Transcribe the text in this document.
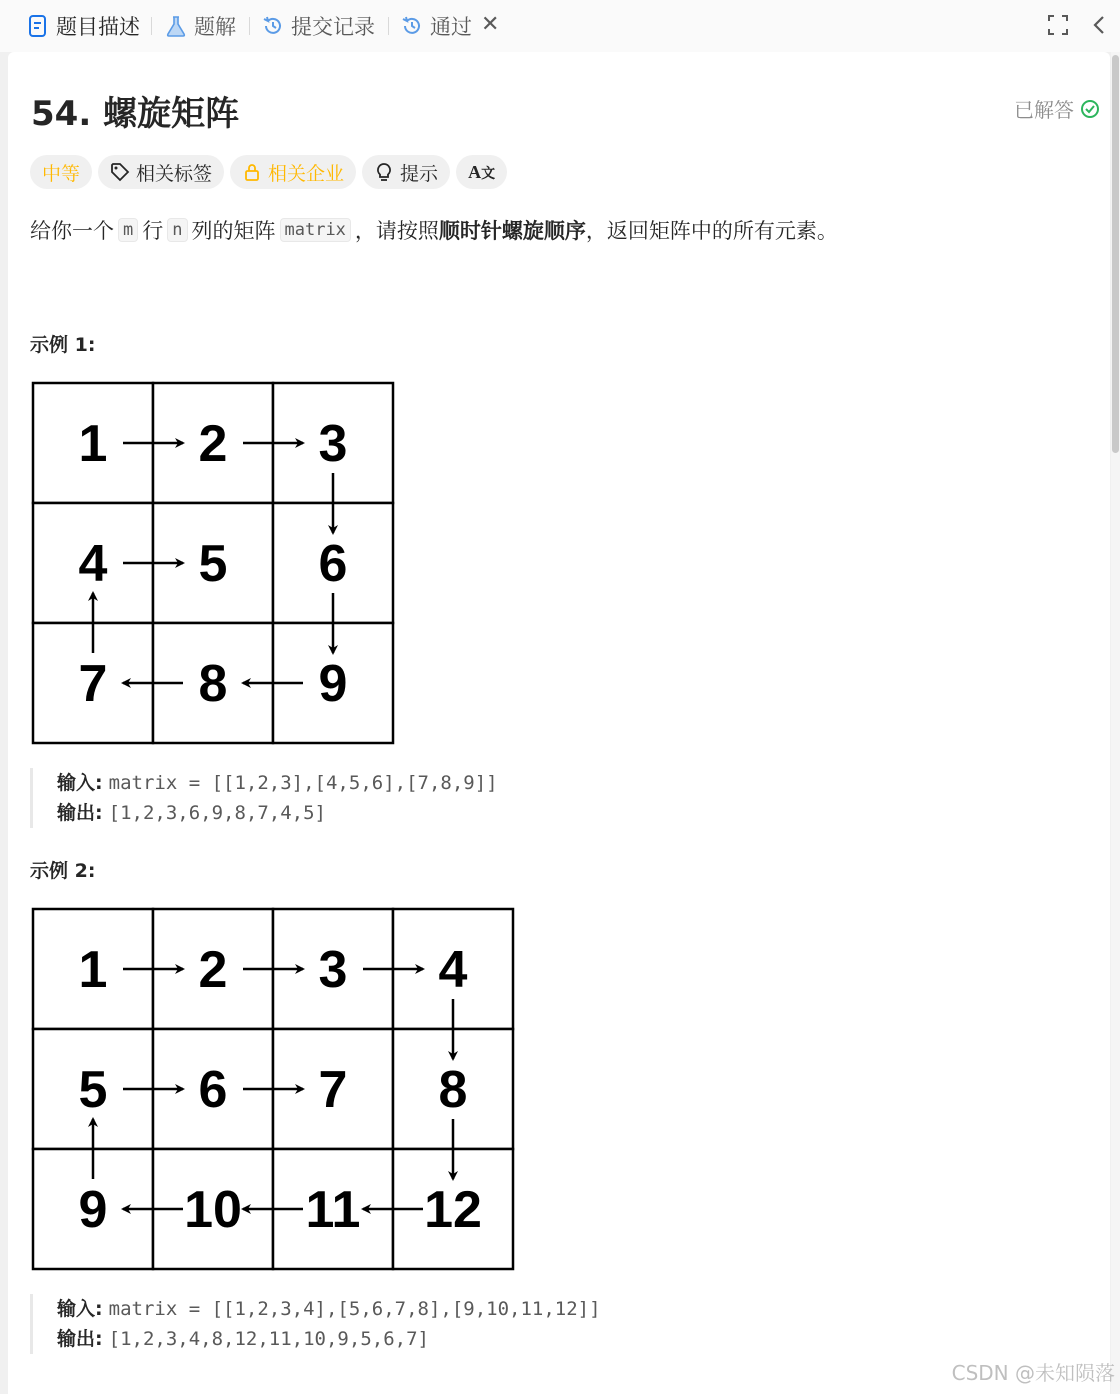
题目描述	题解	提交记录	通过 ✕
54. 螺旋矩阵	已解答
中等	相关标签	相关企业	提示 A文
给你一个 m 行 n 列的矩阵 matrix ，请按照 顺时针螺旋顺序 ，返回矩阵中的所有元素。
示例 1:
1 2 3
4 5 6
7 8 9
输入: matrix = [[1,2,3],[4,5,6],[7,8,9]]
输出: [1,2,3,6,9,8,7,4,5]
示例 2:
1 2 3 4
5 6 7 8
9 10 11 12
输入: matrix = [[1,2,3,4],[5,6,7,8],[9,10,11,12]]
输出: [1,2,3,4,8,12,11,10,9,5,6,7]
CSDN @未知陨落
